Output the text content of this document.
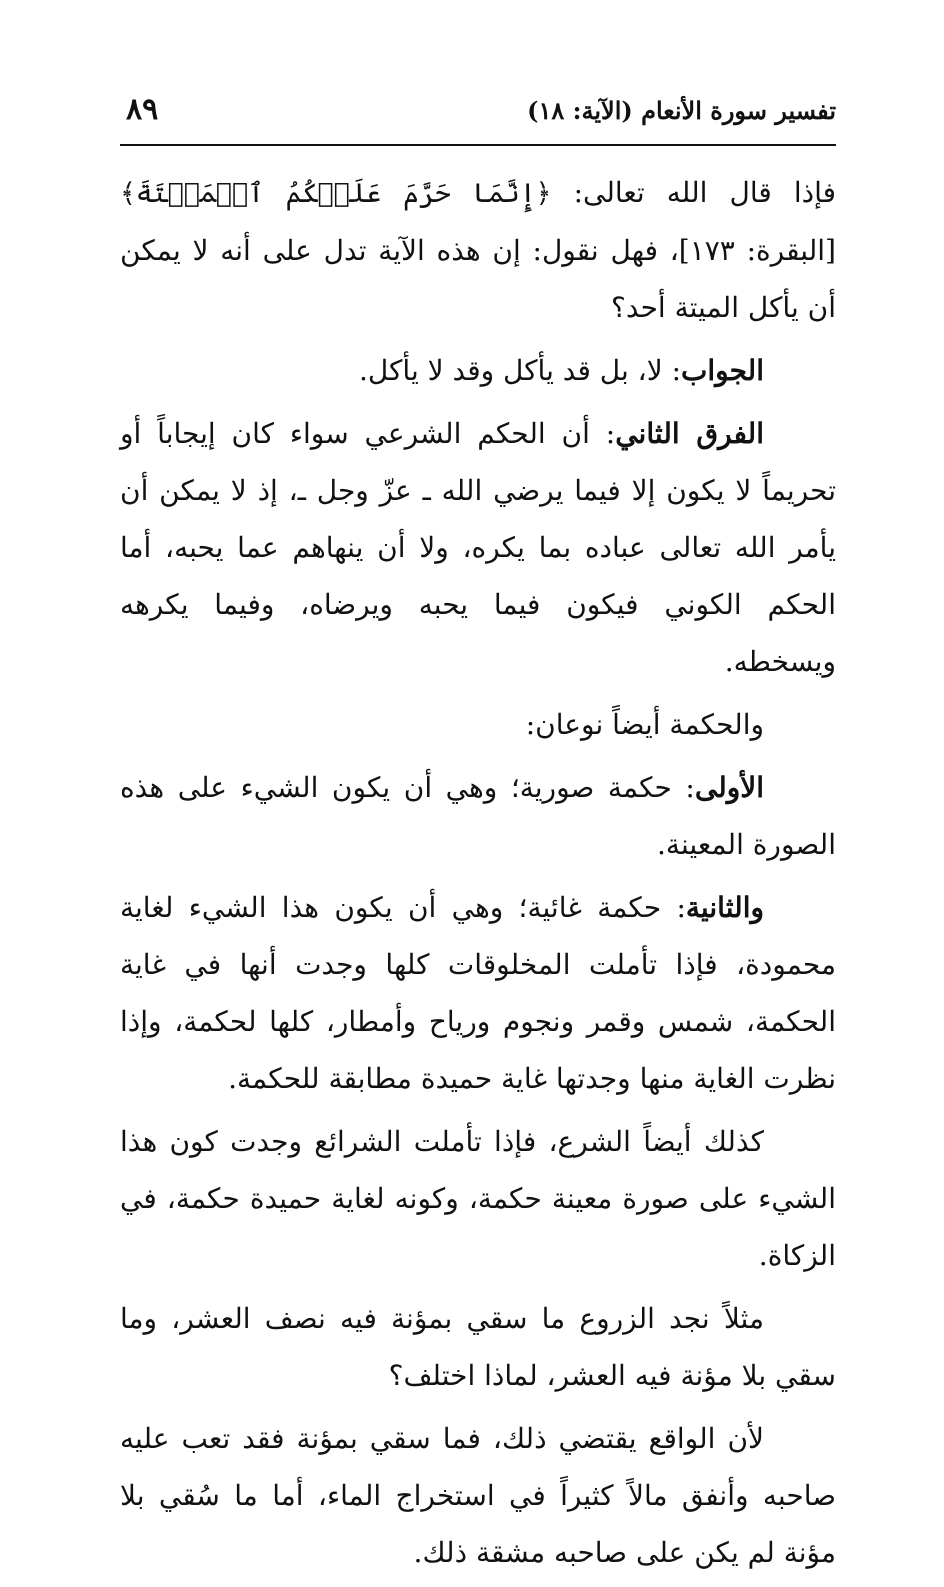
٨٩	تفسير سورة الأنعام (الآية: ١٨)

فإذا قال الله تعالى: ﴿إِنَّمَا حَرَّمَ عَلَيۡكُمُ ٱلۡمَيۡتَةَ﴾ [البقرة: ١٧٣]، فهل نقول: إن هذه الآية تدل على أنه لا يمكن أن يأكل الميتة أحد؟

الجواب: لا، بل قد يأكل وقد لا يأكل.

الفرق الثاني: أن الحكم الشرعي سواء كان إيجاباً أو تحريماً لا يكون إلا فيما يرضي الله ـ عزّ وجل ـ، إذ لا يمكن أن يأمر الله تعالى عباده بما يكره، ولا أن ينهاهم عما يحبه، أما الحكم الكوني فيكون فيما يحبه ويرضاه، وفيما يكرهه ويسخطه.

والحكمة أيضاً نوعان:

الأولى: حكمة صورية؛ وهي أن يكون الشيء على هذه الصورة المعينة.

والثانية: حكمة غائية؛ وهي أن يكون هذا الشيء لغاية محمودة، فإذا تأملت المخلوقات كلها وجدت أنها في غاية الحكمة، شمس وقمر ونجوم ورياح وأمطار، كلها لحكمة، وإذا نظرت الغاية منها وجدتها غاية حميدة مطابقة للحكمة.

كذلك أيضاً الشرع، فإذا تأملت الشرائع وجدت كون هذا الشيء على صورة معينة حكمة، وكونه لغاية حميدة حكمة، في الزكاة.

مثلاً نجد الزروع ما سقي بمؤنة فيه نصف العشر، وما سقي بلا مؤنة فيه العشر، لماذا اختلف؟

لأن الواقع يقتضي ذلك، فما سقي بمؤنة فقد تعب عليه صاحبه وأنفق مالاً كثيراً في استخراج الماء، أما ما سُقي بلا مؤنة لم يكن على صاحبه مشقة ذلك.
